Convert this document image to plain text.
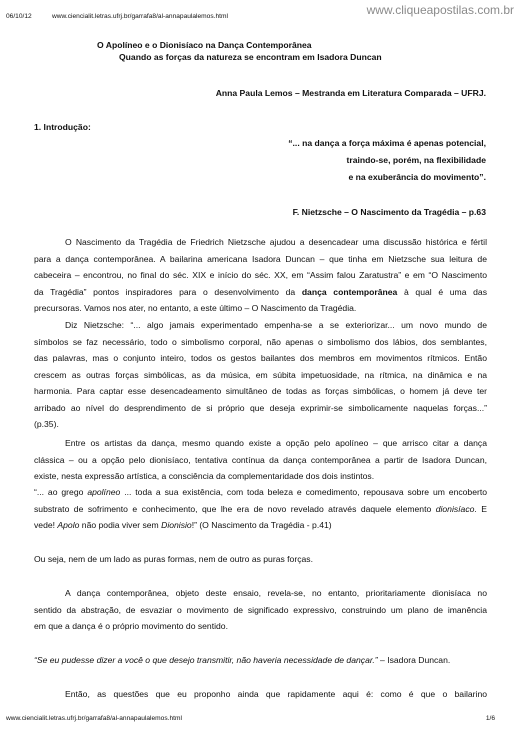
www.cliqueapostilas.com.br
06/10/12	www.ciencialit.letras.ufrj.br/garrafa8/al-annapaulalemos.html
O Apolíneo e o Dionisíaco na Dança Contemporânea
Quando as forças da natureza se encontram em Isadora Duncan
Anna Paula Lemos – Mestranda em Literatura Comparada – UFRJ.
1. Introdução:
“... na dança a força máxima é apenas potencial,
traindo-se, porém, na flexibilidade
e na exuberância do movimento”.
F. Nietzsche – O Nascimento da Tragédia – p.63
O Nascimento da Tragédia de Friedrich Nietzsche ajudou a desencadear uma discussão histórica e fértil
para a dança contemporânea. A bailarina americana Isadora Duncan – que tinha em Nietzsche sua leitura de
cabeceira – encontrou, no final do séc. XIX e início do séc. XX, em “Assim falou Zaratustra” e em “O Nascimento
da Tragédia” pontos inspiradores para o desenvolvimento da dança contemporânea à qual é uma das
precursoras. Vamos nos ater, no entanto, a este último – O Nascimento da Tragédia.
Diz Nietzsche: “... algo jamais experimentado empenha-se a se exteriorizar... um novo mundo de
símbolos se faz necessário, todo o simbolismo corporal, não apenas o simbolismo dos lábios, dos semblantes,
das palavras, mas o conjunto inteiro, todos os gestos bailantes dos membros em movimentos rítmicos. Então
crescem as outras forças simbólicas, as da música, em súbita impetuosidade, na rítmica, na dinâmica e na
harmonia. Para captar esse desencadeamento simultâneo de todas as forças simbólicas, o homem já deve ter
arribado ao nível do desprendimento de si próprio que deseja exprimir-se simbolicamente naquelas forças...”
(p.35).
Entre os artistas da dança, mesmo quando existe a opção pelo apolíneo – que arrisco citar a dança
clássica – ou a opção pelo dionisíaco, tentativa contínua da dança contemporânea a partir de Isadora Duncan,
existe, nesta expressão artística, a consciência da complementaridade dos dois instintos.
“... ao grego apolíneo ... toda a sua existência, com toda beleza e comedimento, repousava sobre um encoberto
substrato de sofrimento e conhecimento, que lhe era de novo revelado através daquele elemento dionisíaco. E
vede! Apolo não podia viver sem Dionisio!” (O Nascimento da Tragédia - p.41)
Ou seja, nem de um lado as puras formas, nem de outro as puras forças.
A dança contemporânea, objeto deste ensaio, revela-se, no entanto, prioritariamente dionisíaca no
sentido da abstração, de esvaziar o movimento de significado expressivo, construindo um plano de imanência
em que a dança é o próprio movimento do sentido.
“Se eu pudesse dizer a você o que desejo transmitir, não haveria necessidade de dançar.” – Isadora Duncan.
Então, as questões que eu proponho ainda que rapidamente aqui é: como é que o bailarino
www.ciencialit.letras.ufrj.br/garrafa8/al-annapaulalemos.html	1/6
